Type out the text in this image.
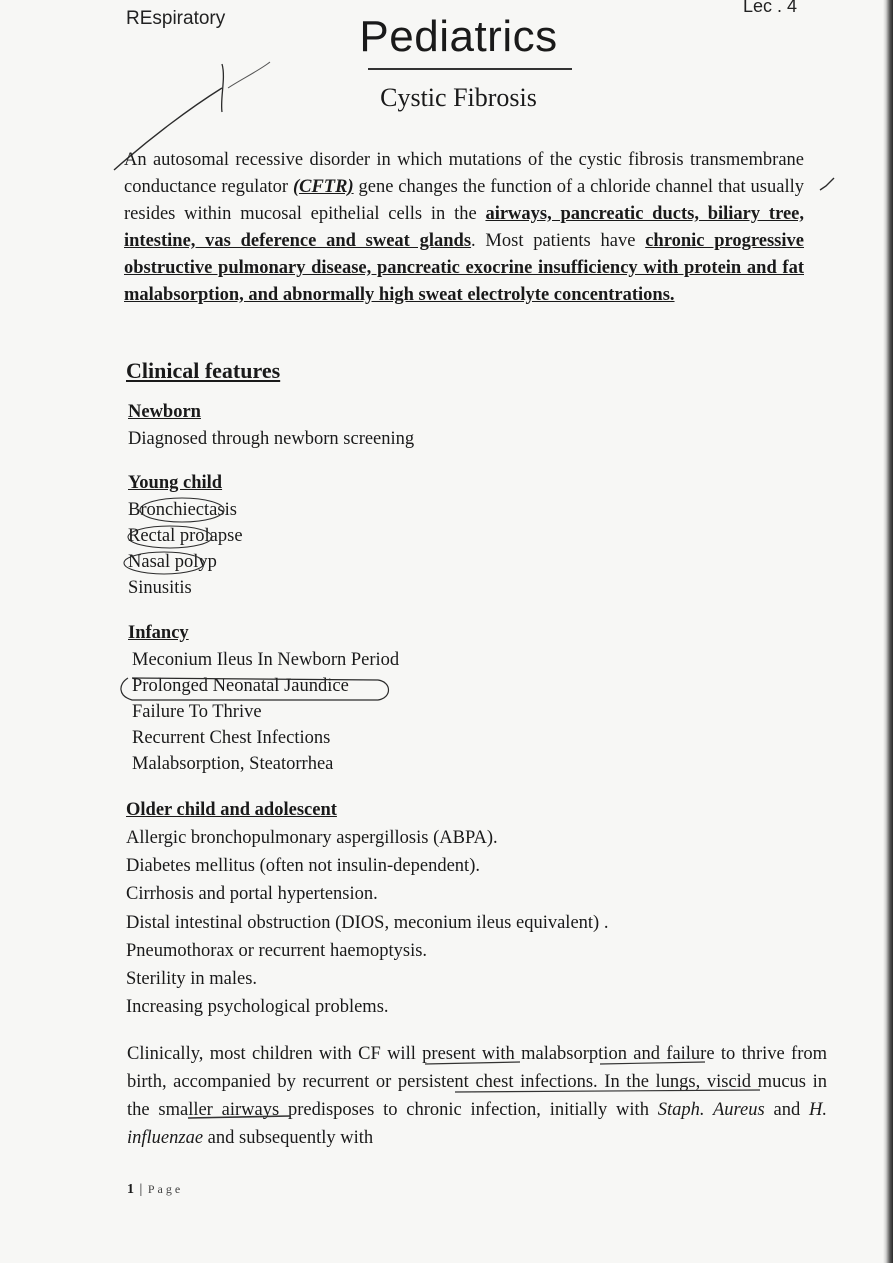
REspiratory
Lec . 4
Pediatrics
Cystic Fibrosis

An autosomal recessive disorder in which mutations of the cystic fibrosis transmembrane conductance regulator (CFTR) gene changes the function of a chloride channel that usually resides within mucosal epithelial cells in the airways, pancreatic ducts, biliary tree, intestine, vas deference and sweat glands. Most patients have chronic progressive obstructive pulmonary disease, pancreatic exocrine insufficiency with protein and fat malabsorption, and abnormally high sweat electrolyte concentrations.

Clinical features
Newborn
Diagnosed through newborn screening
Young child
Bronchiectasis
Rectal prolapse
Nasal polyp
Sinusitis
Infancy
Meconium Ileus In Newborn Period
Prolonged Neonatal Jaundice
Failure To Thrive
Recurrent Chest Infections
Malabsorption, Steatorrhea
Older child and adolescent
Allergic bronchopulmonary aspergillosis (ABPA).
Diabetes mellitus (often not insulin-dependent).
Cirrhosis and portal hypertension.
Distal intestinal obstruction (DIOS, meconium ileus equivalent) .
Pneumothorax or recurrent haemoptysis.
Sterility in males.
Increasing psychological problems.

Clinically, most children with CF will present with malabsorption and failure to thrive from birth, accompanied by recurrent or persistent chest infections. In the lungs, viscid mucus in the smaller airways predisposes to chronic infection, initially with Staph. Aureus and H. influenzae and subsequently with

1 | Page
